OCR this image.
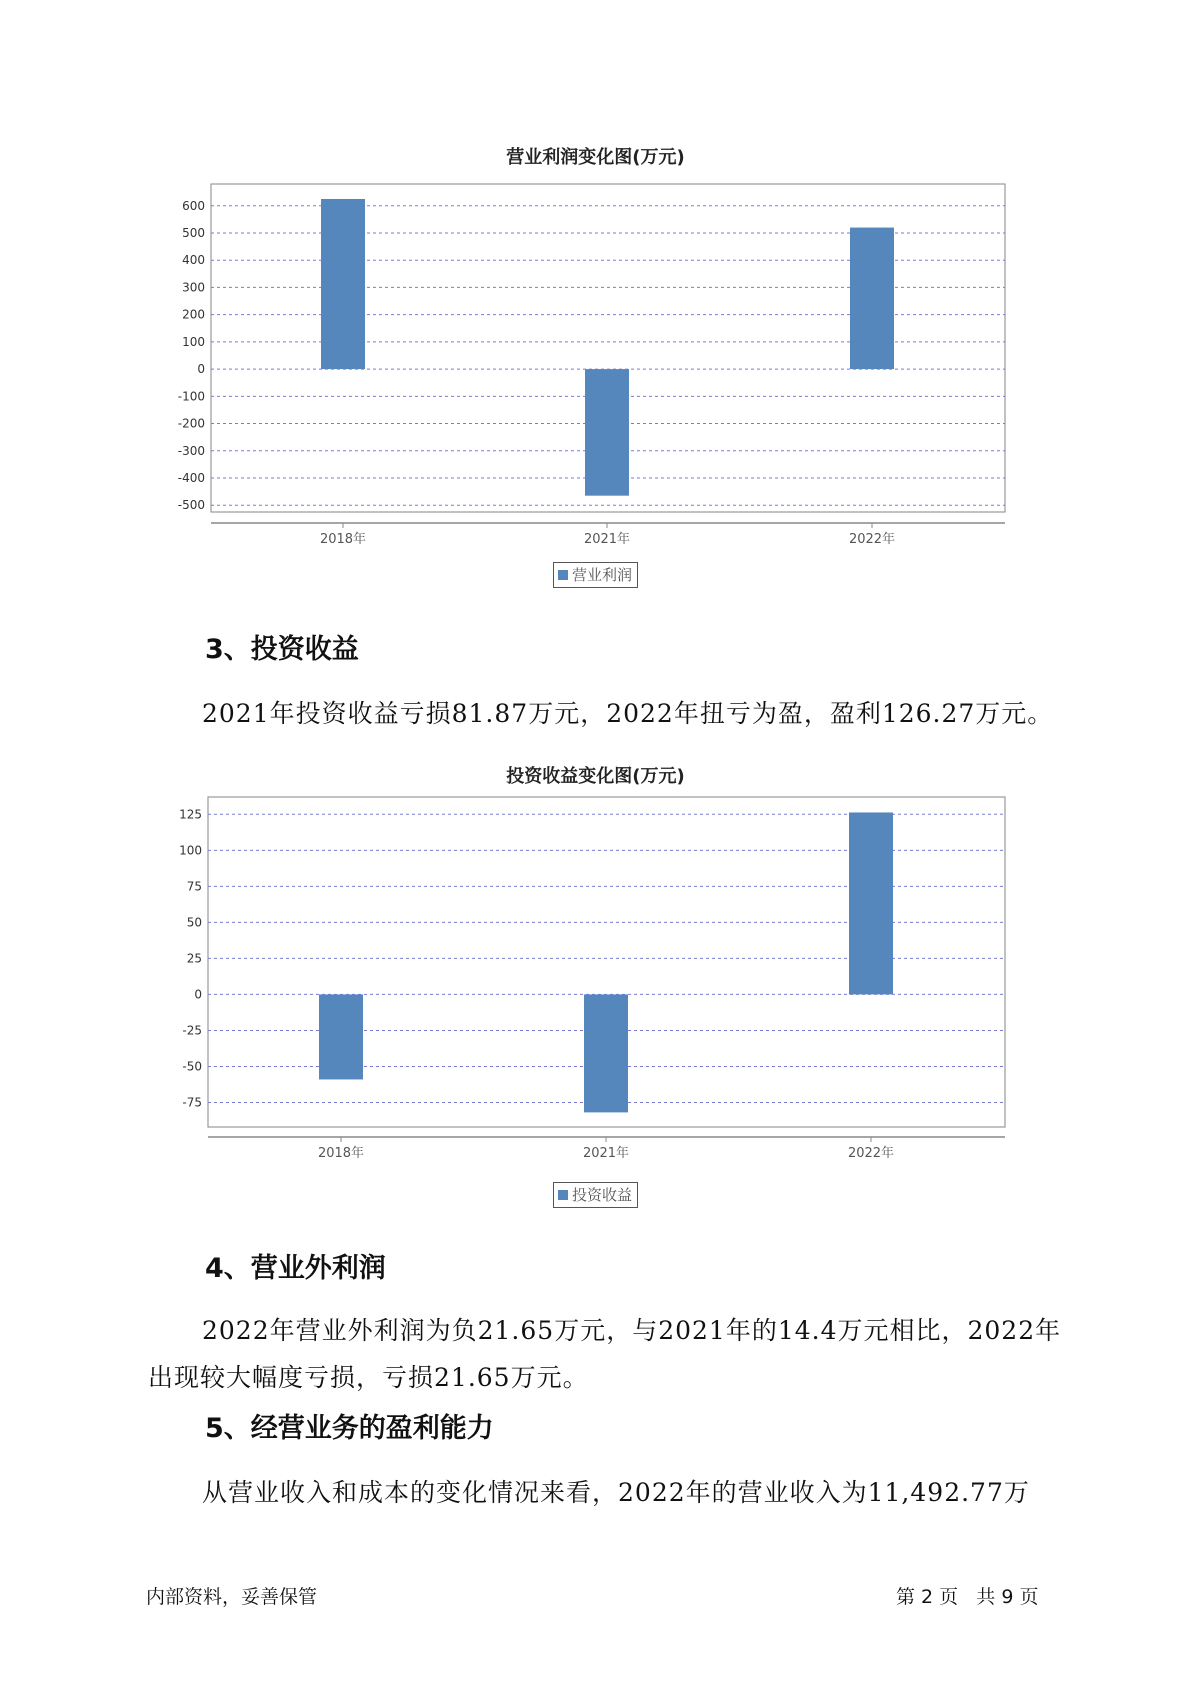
营业利润变化图(万元)
600
500
400
300
200
100
0
-100
-200
-300
-400
-500
2018年	2021年	2022年
营业利润
3、投资收益
2021年投资收益亏损81.87万元，2022年扭亏为盈，盈利126.27万元。
投资收益变化图(万元)
125
100
75
50
25
0
-25
-50
-75
2018年	2021年	2022年
投资收益
4、营业外利润
2022年营业外利润为负21.65万元，与2021年的14.4万元相比，2022年
出现较大幅度亏损，亏损21.65万元。
5、经营业务的盈利能力
从营业收入和成本的变化情况来看，2022年的营业收入为11,492.77万
内部资料，妥善保管	第 2 页   共 9 页
